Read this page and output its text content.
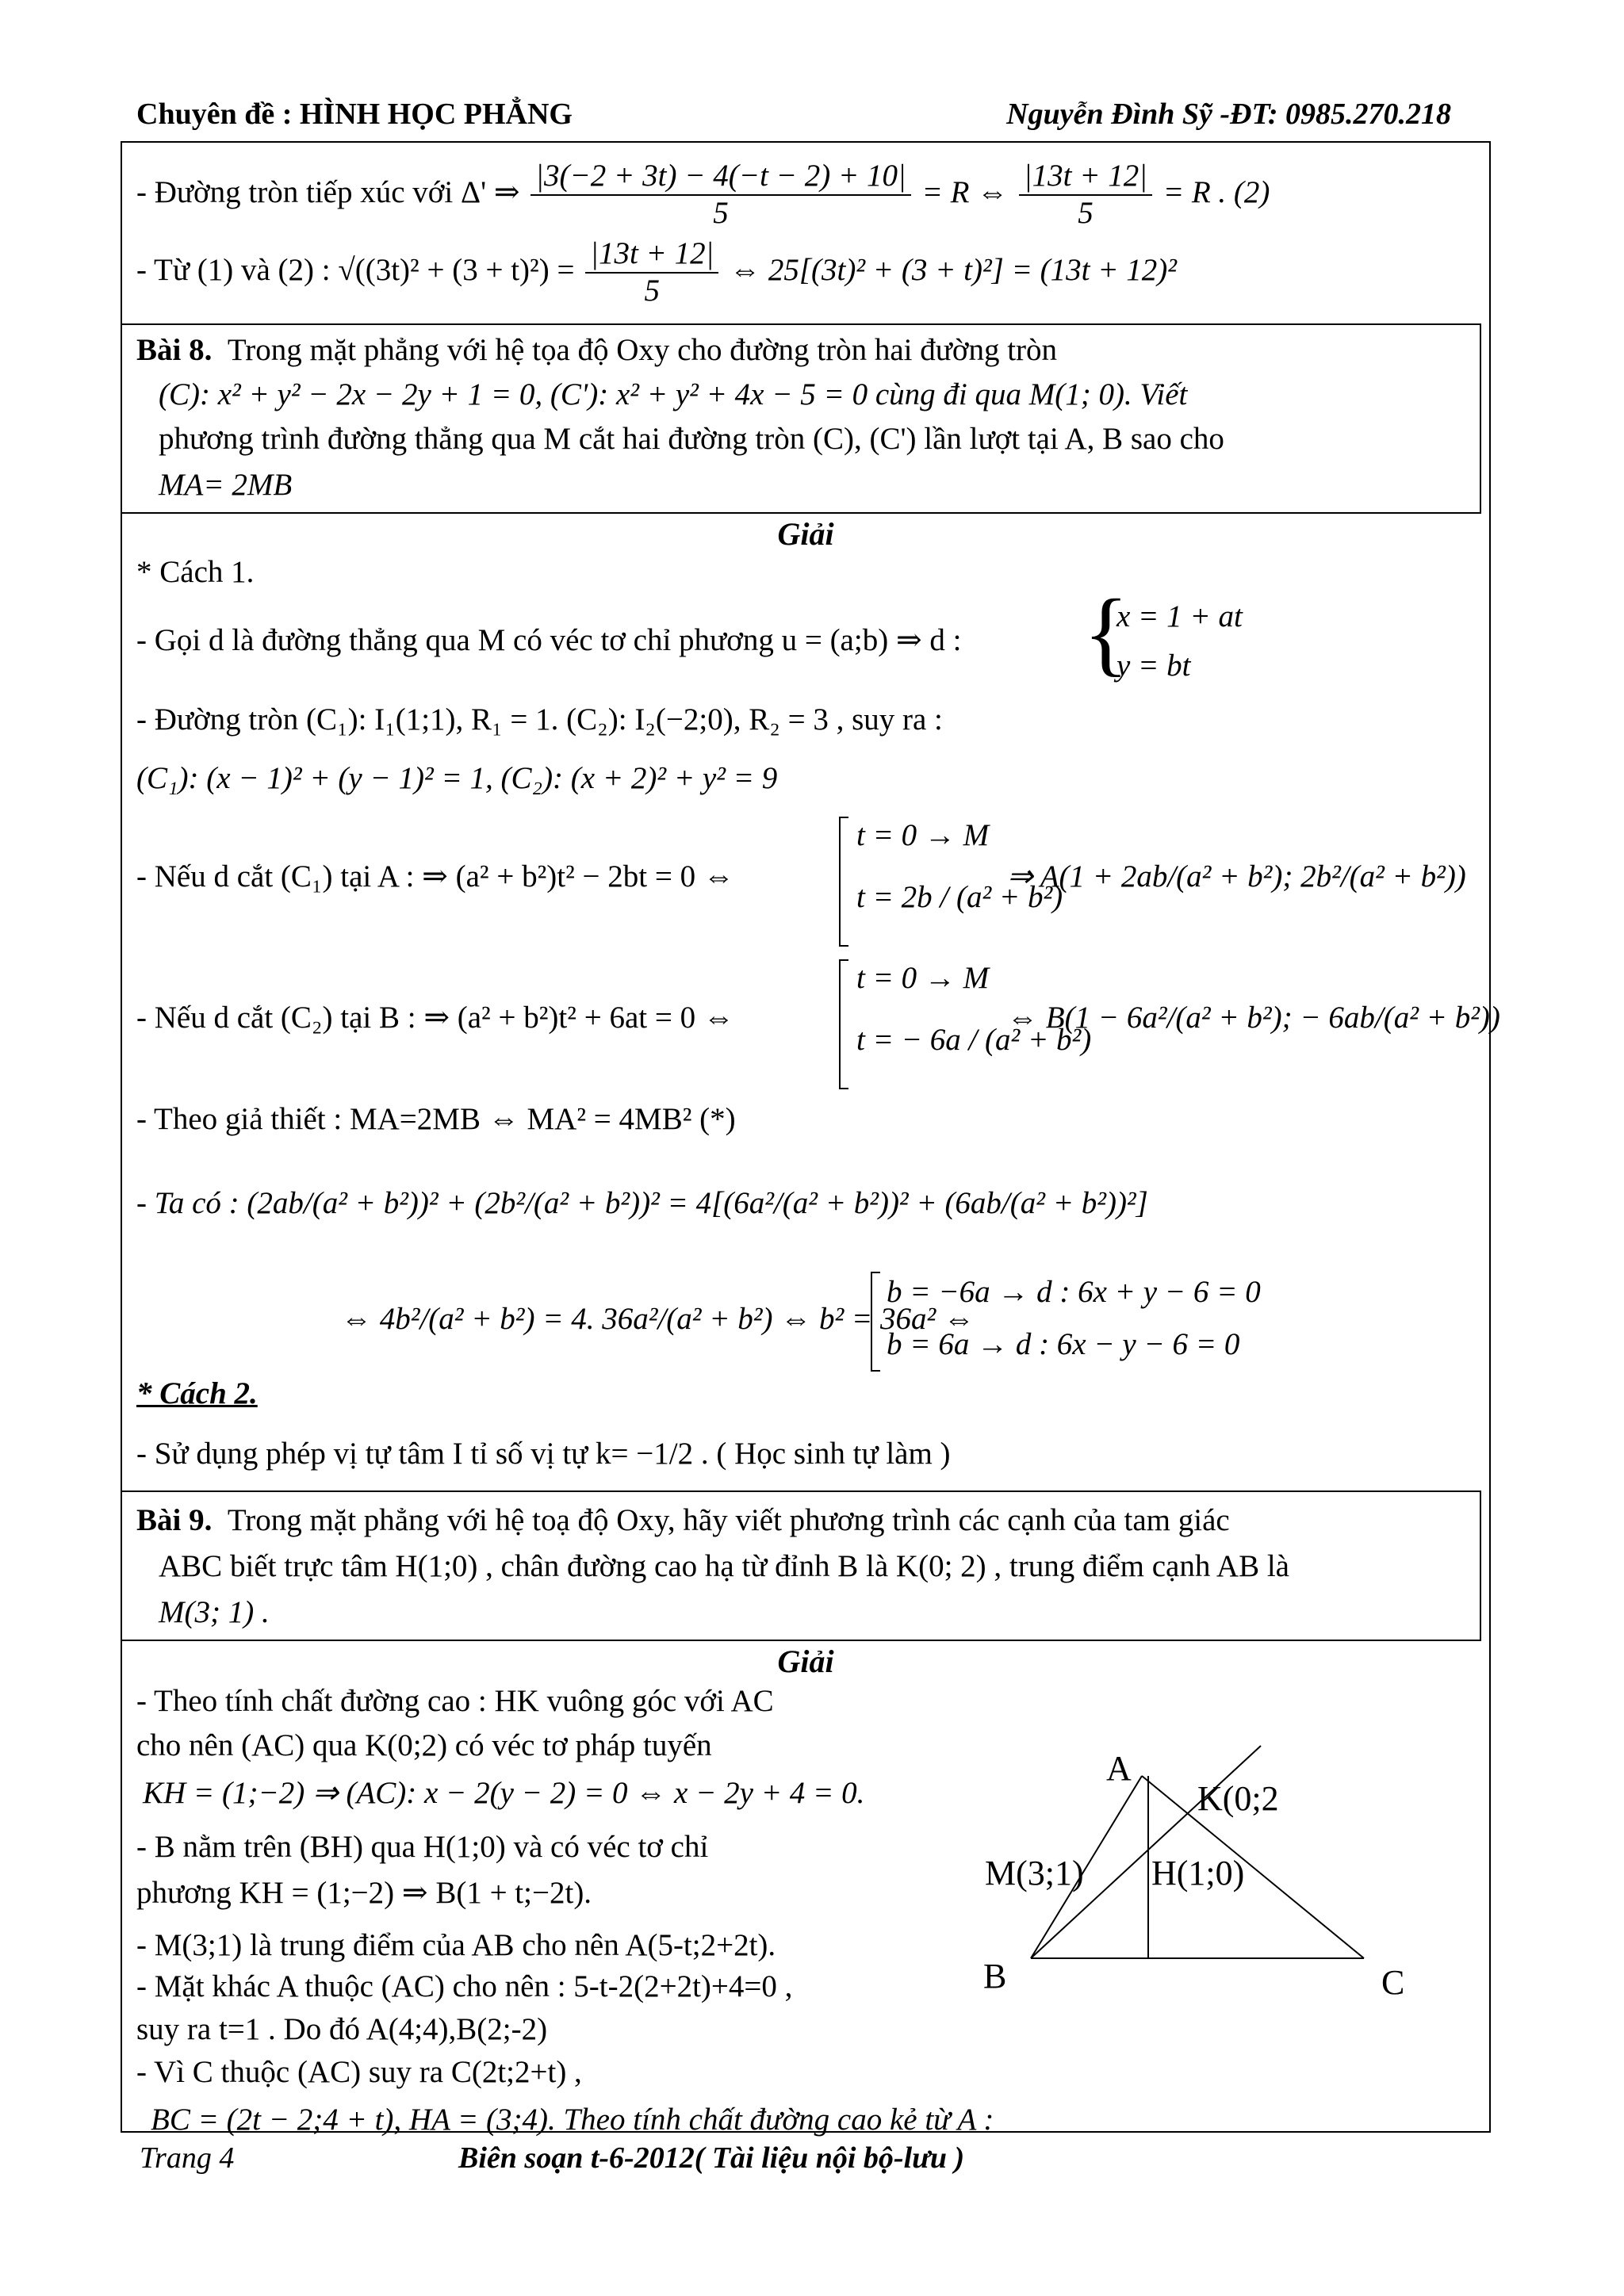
Chuyên đề : HÌNH HỌC PHẲNG	Nguyễn Đình Sỹ -ĐT: 0985.270.218
- Đường tròn tiếp xúc với Δ' ⇒ $\frac{|3(-2 + 3t) - 4(-t - 2) + 10|}{5} = R$ ⇔ $\frac{|13t + 12|}{5} = R$ . (2)
- Từ (1) và (2) : $√((3t)^2 + (3 + t)^2) = \frac{|13t + 12|}{5}$ ⇔ 25[(3t)² + (3 + t)²] = (13t + 12)²
Bài 8. Trong mặt phẳng với hệ tọa độ Oxy cho đường tròn hai đường tròn
(C): x² + y² − 2x − 2y + 1 = 0, (C'): x² + y² + 4x − 5 = 0 cùng đi qua M(1; 0). Viết
phương trình đường thẳng qua M cắt hai đường tròn (C), (C') lần lượt tại A, B sao cho
MA= 2MB
Giải
* Cách 1.
- Gọi d là đường thẳng qua M có véc tơ chỉ phương u = (a;b) ⇒ d : {
x = 1 + at
y = bt
- Đường tròn (C₁): I₁(1;1), R₁ = 1. (C₂): I₂(−2;0), R₂ = 3 , suy ra :
(C₁): (x − 1)² + (y − 1)² = 1, (C₂): (x + 2)² + y² = 9
- Nếu d cắt (C₁) tại A : ⇒ (a² + b²)t² − 2bt = 0 ⇔
t = 0 → M
t = 2b / (a² + b²)
⇒ A(1 + 2ab/(a² + b²); 2b²/(a² + b²))
- Nếu d cắt (C₂) tại B : ⇒ (a² + b²)t² + 6at = 0 ⇔
t = 0 → M
t = − 6a / (a² + b²)
⇔ B(1 − 6a²/(a² + b²); − 6ab/(a² + b²))
- Theo giả thiết : MA=2MB ⇔ MA² = 4MB² (*)
- Ta có : (2ab/(a² + b²))² + (2b²/(a² + b²))² = 4[(6a²/(a² + b²))² + (6ab/(a² + b²))²]
⇔ 4b²/(a² + b²) = 4. 36a²/(a² + b²) ⇔ b² = 36a² ⇔
b = −6a → d : 6x + y − 6 = 0
b = 6a → d : 6x − y − 6 = 0
* Cách 2.
- Sử dụng phép vị tự tâm I tỉ số vị tự k= −1/2 . ( Học sinh tự làm )
Bài 9. Trong mặt phẳng với hệ toạ độ Oxy, hãy viết phương trình các cạnh của tam giác
ABC biết trực tâm H(1;0) , chân đường cao hạ từ đỉnh B là K(0; 2) , trung điểm cạnh AB là
M(3; 1) .
Giải
- Theo tính chất đường cao : HK vuông góc với AC
cho nên (AC) qua K(0;2) có véc tơ pháp tuyến
KH = (1;−2) ⇒ (AC): x − 2(y − 2) = 0 ⇔ x − 2y + 4 = 0.
- B nằm trên (BH) qua H(1;0) và có véc tơ chỉ
phương KH = (1;−2) ⇒ B(1 + t;−2t).
- M(3;1) là trung điểm của AB cho nên A(5-t;2+2t).
- Mặt khác A thuộc (AC) cho nên : 5-t-2(2+2t)+4=0 ,
suy ra t=1 . Do đó A(4;4),B(2;-2)
- Vì C thuộc (AC) suy ra C(2t;2+t) ,
BC = (2t − 2;4 + t), HA = (3;4). Theo tính chất đường cao kẻ từ A :
A
K(0;2
M(3;1) H(1;0)
B	C
Trang 4	Biên soạn t-6-2012( Tài liệu nội bộ-lưu )
